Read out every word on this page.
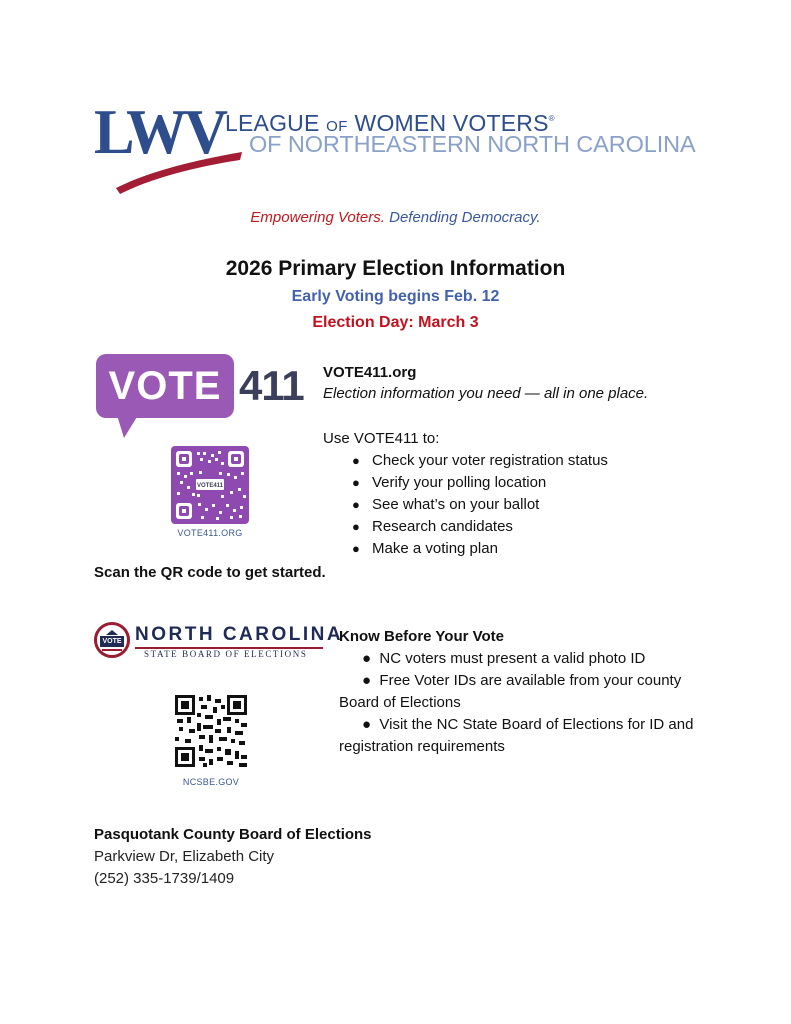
LWV LEAGUE OF WOMEN VOTERS®
OF NORTHEASTERN NORTH CAROLINA
Empowering Voters. Defending Democracy.
2026 Primary Election Information
Early Voting begins Feb. 12
Election Day: March 3
VOTE 411
VOTE411
VOTE411.ORG
VOTE411.org
Election information you need — all in one place.
Use VOTE411 to:
● Check your voter registration status
● Verify your polling location
● See what’s on your ballot
● Research candidates
● Make a voting plan
Scan the QR code to get started.
VOTE NORTH CAROLINA
STATE BOARD OF ELECTIONS
NCSBE.GOV
Know Before Your Vote
● NC voters must present a valid photo ID
● Free Voter IDs are available from your county Board of Elections
● Visit the NC State Board of Elections for ID and registration requirements
Pasquotank County Board of Elections
Parkview Dr, Elizabeth City
(252) 335-1739/1409
